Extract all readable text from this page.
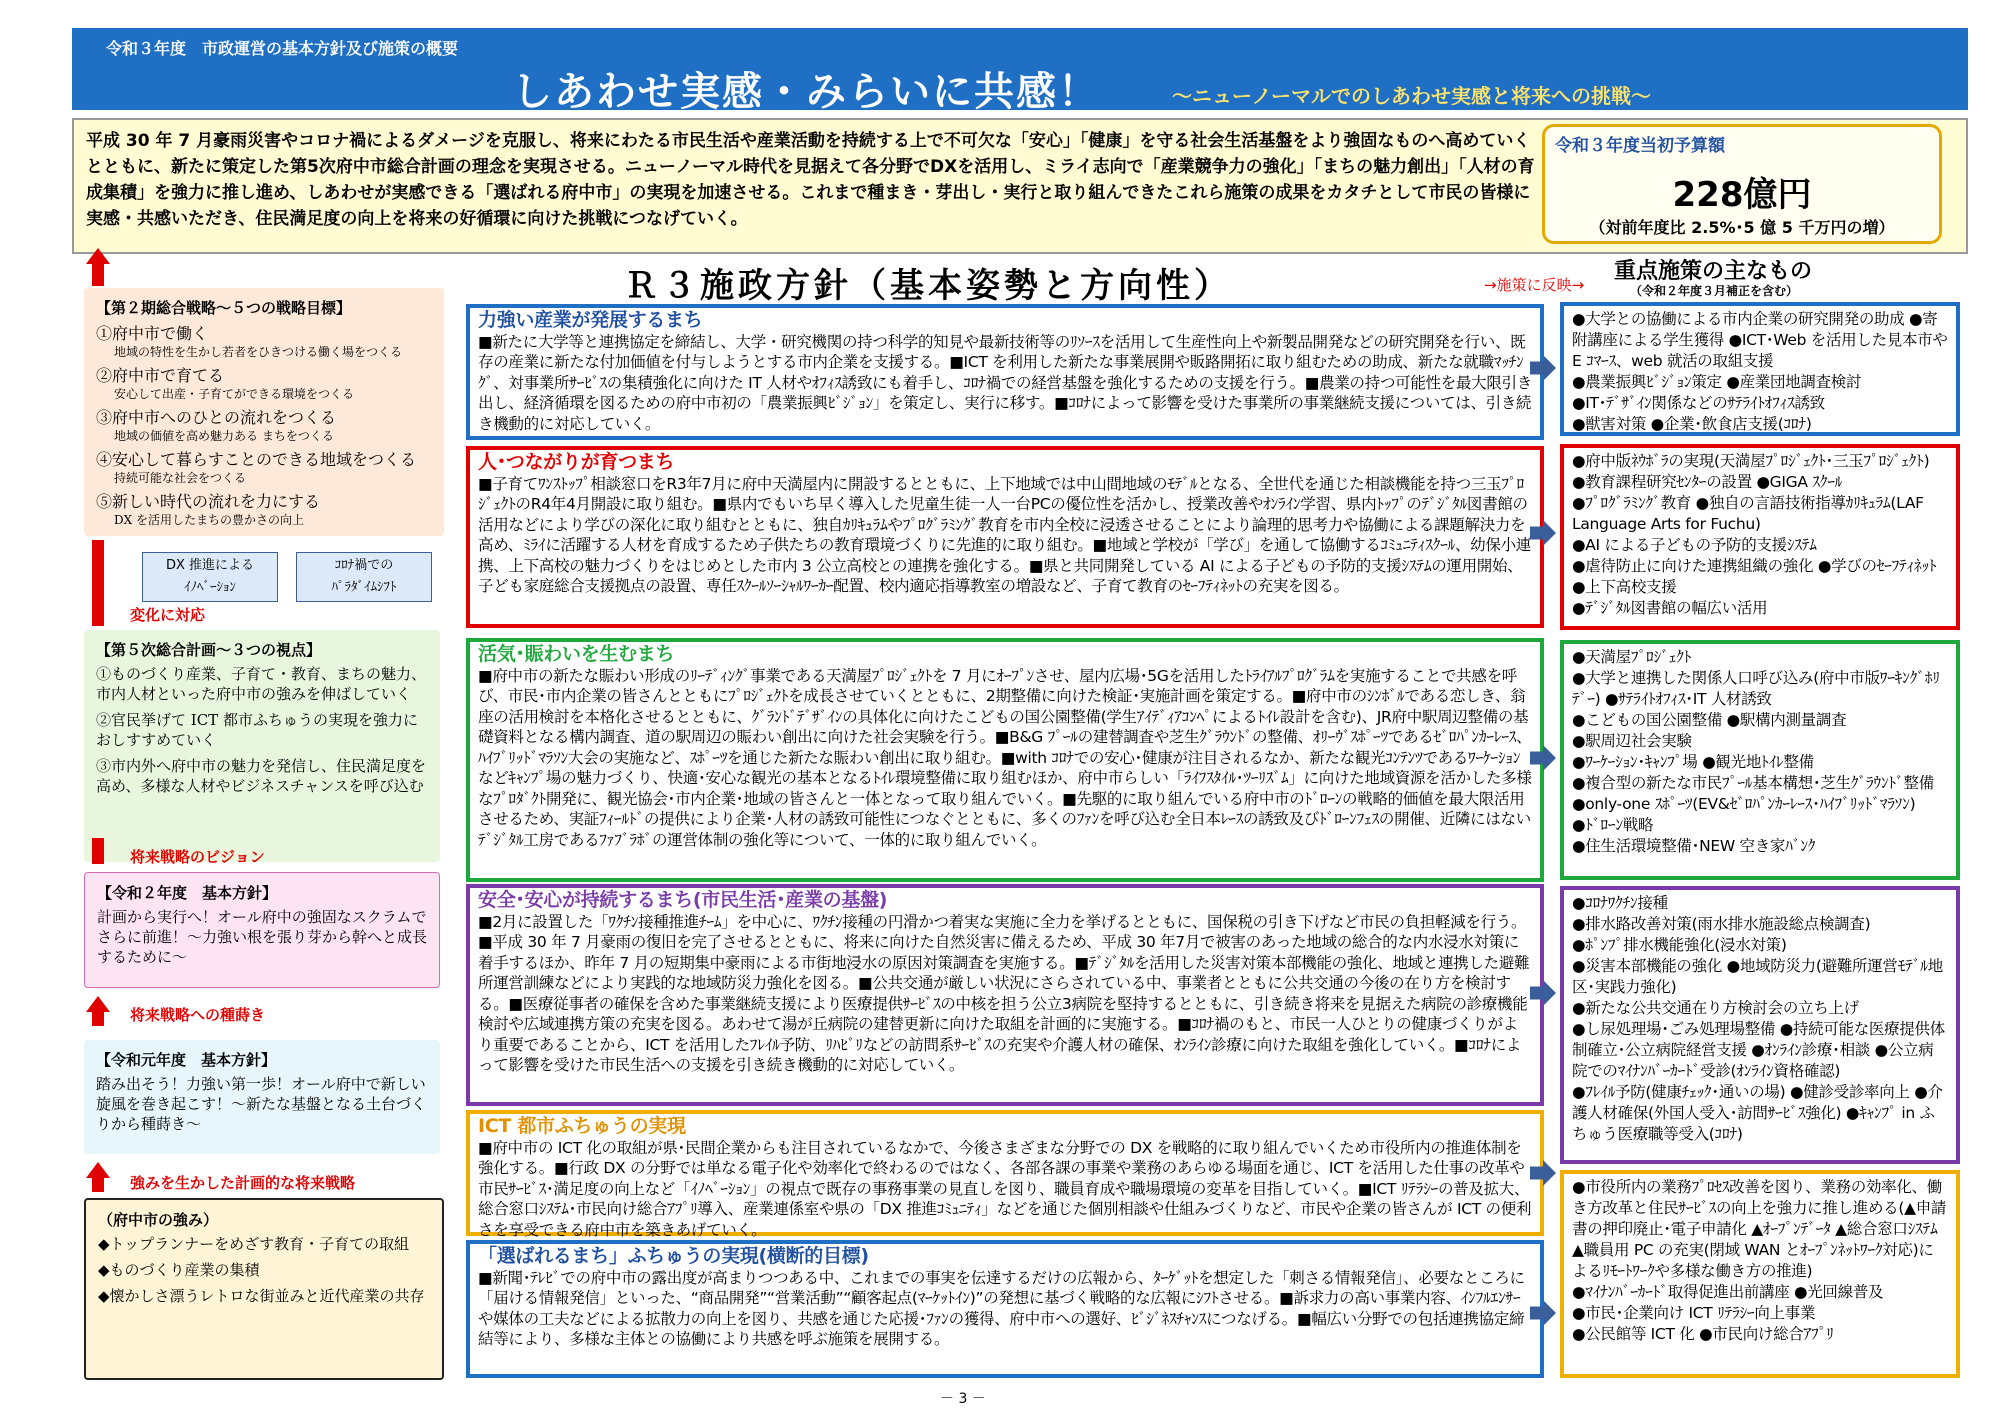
令和３年度　市政運営の基本方針及び施策の概要
しあわせ実感・みらいに共感！	～ニューノーマルでのしあわせ実感と将来への挑戦～
平成 30 年 7 月豪雨災害やコロナ禍によるダメージを克服し、将来にわたる市民生活や産業活動を持続する上で不可欠な「安心」「健康」を守る社会生活基盤をより強固なものへ高めていくとともに、新たに策定した第5次府中市総合計画の理念を実現させる。ニューノーマル時代を見据えて各分野でDXを活用し、ミライ志向で「産業競争力の強化」「まちの魅力創出」「人材の育成集積」を強力に推し進め、しあわせが実感できる「選ばれる府中市」の実現を加速させる。これまで種まき・芽出し・実行と取り組んできたこれら施策の成果をカタチとして市民の皆様に実感・共感いただき、住民満足度の向上を将来の好循環に向けた挑戦につなげていく。
令和３年度当初予算額
228億円
（対前年度比 2.5%･5 億 5 千万円の増）
Ｒ３施政方針（基本姿勢と方向性）	→施策に反映→
重点施策の主なもの
（令和２年度３月補正を含む）
【第２期総合戦略～５つの戦略目標】
①府中市で働く
地域の特性を生かし若者をひきつける働く場をつくる
②府中市で育てる
安心して出産・子育てができる環境をつくる
③府中市へのひとの流れをつくる
地域の価値を高め魅力ある まちをつくる
④安心して暮らすことのできる地域をつくる
持続可能な社会をつくる
⑤新しい時代の流れを力にする
DX を活用したまちの豊かさの向上
DX 推進による
ｲﾉﾍﾞｰｼｮﾝ
ｺﾛﾅ禍での
ﾊﾟﾗﾀﾞｲﾑｼﾌﾄ
変化に対応
【第５次総合計画～３つの視点】

①ものづくり産業、子育て・教育、まちの魅力、市内人材といった府中市の強みを伸ばしていく

②官民挙げて ICT 都市ふちゅうの実現を強力におしすすめていく

③市内外へ府中市の魅力を発信し、住民満足度を高め、多様な人材やビジネスチャンスを呼び込む

将来戦略のビジョン
【令和２年度　基本方針】
計画から実行へ！オール府中の強固なスクラムでさらに前進！～力強い根を張り芽から幹へと成長するために～
将来戦略への種蒔き
【令和元年度　基本方針】
踏み出そう！力強い第一歩！オール府中で新しい旋風を巻き起こす！～新たな基盤となる土台づくりから種蒔き～
強みを生かした計画的な将来戦略
（府中市の強み）

◆トップランナーをめざす教育・子育ての取組

◆ものづくり産業の集積

◆懐かしさ漂うレトロな街並みと近代産業の共存

力強い産業が発展するまち
■新たに大学等と連携協定を締結し、大学・研究機関の持つ科学的知見や最新技術等のﾘｿｰｽを活用して生産性向上や新製品開発などの研究開発を行い、既存の産業に新たな付加価値を付与しようとする市内企業を支援する。■ICT を利用した新たな事業展開や販路開拓に取り組むための助成、新たな就職ﾏｯﾁﾝｸﾞ、対事業所ｻｰﾋﾞｽの集積強化に向けた IT 人材やｵﾌｨｽ誘致にも着手し、ｺﾛﾅ禍での経営基盤を強化するための支援を行う。■農業の持つ可能性を最大限引き出し、経済循環を図るための府中市初の「農業振興ﾋﾞｼﾞｮﾝ」を策定し、実行に移す。■ｺﾛﾅによって影響を受けた事業所の事業継続支援については、引き続き機動的に対応していく。
人･つながりが育つまち
■子育てﾜﾝｽﾄｯﾌﾟ相談窓口をR3年7月に府中天満屋内に開設するとともに、上下地域では中山間地域のﾓﾃﾞﾙとなる、全世代を通じた相談機能を持つ三玉ﾌﾟﾛｼﾞｪｸﾄのR4年4月開設に取り組む。■県内でもいち早く導入した児童生徒一人一台PCの優位性を活かし、授業改善やｵﾝﾗｲﾝ学習、県内ﾄｯﾌﾟのﾃﾞｼﾞﾀﾙ図書館の活用などにより学びの深化に取り組むとともに、独自ｶﾘｷｭﾗﾑやﾌﾟﾛｸﾞﾗﾐﾝｸﾞ教育を市内全校に浸透させることにより論理的思考力や協働による課題解決力を高め、ﾐﾗｲに活躍する人材を育成するため子供たちの教育環境づくりに先進的に取り組む。■地域と学校が「学び」を通して協働するｺﾐｭﾆﾃｨｽｸｰﾙ、幼保小連携、上下高校の魅力づくりをはじめとした市内 3 公立高校との連携を強化する。■県と共同開発している AI による子どもの予防的支援ｼｽﾃﾑの運用開始、子ども家庭総合支援拠点の設置、専任ｽｸｰﾙｿｰｼｬﾙﾜｰｶｰ配置、校内適応指導教室の増設など、子育て教育のｾｰﾌﾃｨﾈｯﾄの充実を図る。
活気･賑わいを生むまち
■府中市の新たな賑わい形成のﾘｰﾃﾞｨﾝｸﾞ事業である天満屋ﾌﾟﾛｼﾞｪｸﾄを 7 月にｵｰﾌﾟﾝさせ、屋内広場･5Gを活用したﾄﾗｲｱﾙﾌﾟﾛｸﾞﾗﾑを実施することで共感を呼び、市民･市内企業の皆さんとともにﾌﾟﾛｼﾞｪｸﾄを成長させていくとともに、2期整備に向けた検証･実施計画を策定する。■府中市のｼﾝﾎﾞﾙである恋しき、翁座の活用検討を本格化させるとともに、ｸﾞﾗﾝﾄﾞﾃﾞｻﾞｲﾝの具体化に向けたこどもの国公園整備(学生ｱｲﾃﾞｨｱｺﾝﾍﾟによるﾄｲﾚ設計を含む)、JR府中駅周辺整備の基礎資料となる構内調査、道の駅周辺の賑わい創出に向けた社会実験を行う。■B&G ﾌﾟｰﾙの建替調査や芝生ｸﾞﾗｳﾝﾄﾞの整備、ｵﾘｰｳﾞｽﾎﾟｰﾂであるｾﾞﾛﾊﾟﾝｶｰﾚｰｽ、ﾊｲﾌﾞﾘｯﾄﾞﾏﾗｿﾝ大会の実施など、ｽﾎﾟｰﾂを通じた新たな賑わい創出に取り組む。■with ｺﾛﾅでの安心･健康が注目されるなか、新たな観光ｺﾝﾃﾝﾂであるﾜｰｹｰｼｮﾝなどｷｬﾝﾌﾟ場の魅力づくり、快適･安心な観光の基本となるﾄｲﾚ環境整備に取り組むほか、府中市らしい「ﾗｲﾌｽﾀｲﾙ･ﾂｰﾘｽﾞﾑ」に向けた地域資源を活かした多様なﾌﾟﾛﾀﾞｸﾄ開発に、観光協会･市内企業･地域の皆さんと一体となって取り組んでいく。■先駆的に取り組んでいる府中市のﾄﾞﾛｰﾝの戦略的価値を最大限活用させるため、実証ﾌｨｰﾙﾄﾞの提供により企業･人材の誘致可能性につなぐとともに、多くのﾌｧﾝを呼び込む全日本ﾚｰｽの誘致及びﾄﾞﾛｰﾝﾌｪｽの開催、近隣にはないﾃﾞｼﾞﾀﾙ工房であるﾌｧﾌﾞﾗﾎﾞの運営体制の強化等について、一体的に取り組んでいく。
安全･安心が持続するまち(市民生活･産業の基盤)
■2月に設置した「ﾜｸﾁﾝ接種推進ﾁｰﾑ」を中心に、ﾜｸﾁﾝ接種の円滑かつ着実な実施に全力を挙げるとともに、国保税の引き下げなど市民の負担軽減を行う。■平成 30 年 7 月豪雨の復旧を完了させるとともに、将来に向けた自然災害に備えるため、平成 30 年7月で被害のあった地域の総合的な内水浸水対策に着手するほか、昨年 7 月の短期集中豪雨による市街地浸水の原因対策調査を実施する。■ﾃﾞｼﾞﾀﾙを活用した災害対策本部機能の強化、地域と連携した避難所運営訓練などにより実践的な地域防災力強化を図る。■公共交通が厳しい状況にさらされている中、事業者とともに公共交通の今後の在り方を検討する。■医療従事者の確保を含めた事業継続支援により医療提供ｻｰﾋﾞｽの中核を担う公立3病院を堅持するとともに、引き続き将来を見据えた病院の診療機能検討や広域連携方策の充実を図る。あわせて湯が丘病院の建替更新に向けた取組を計画的に実施する。■ｺﾛﾅ禍のもと、市民一人ひとりの健康づくりがより重要であることから、ICT を活用したﾌﾚｲﾙ予防、ﾘﾊﾋﾞﾘなどの訪問系ｻｰﾋﾞｽの充実や介護人材の確保、ｵﾝﾗｲﾝ診療に向けた取組を強化していく。■ｺﾛﾅによって影響を受けた市民生活への支援を引き続き機動的に対応していく。
ICT 都市ふちゅうの実現
■府中市の ICT 化の取組が県･民間企業からも注目されているなかで、今後さまざまな分野での DX を戦略的に取り組んでいくため市役所内の推進体制を強化する。■行政 DX の分野では単なる電子化や効率化で終わるのではなく、各部各課の事業や業務のあらゆる場面を通じ、ICT を活用した仕事の改革や市民ｻｰﾋﾞｽ･満足度の向上など「ｲﾉﾍﾞｰｼｮﾝ」の視点で既存の事務事業の見直しを図り、職員育成や職場環境の変革を目指していく。■ICT ﾘﾃﾗｼｰの普及拡大、総合窓口ｼｽﾃﾑ･市民向け総合ｱﾌﾟﾘ導入、産業連係室や県の「DX 推進ｺﾐｭﾆﾃｨ」などを通じた個別相談や仕組みづくりなど、市民や企業の皆さんが ICT の便利さを享受できる府中市を築きあげていく。
「選ばれるまち」ふちゅうの実現(横断的目標)
■新聞･ﾃﾚﾋﾞでの府中市の露出度が高まりつつある中、これまでの事実を伝達するだけの広報から、ﾀｰｹﾞｯﾄを想定した「刺さる情報発信」、必要なところに「届ける情報発信」といった、“商品開発”“営業活動”“顧客起点(ﾏｰｹｯﾄｲﾝ)”の発想に基づく戦略的な広報にｼﾌﾄさせる。■訴求力の高い事業内容、ｲﾝﾌﾙｴﾝｻｰや媒体の工夫などによる拡散力の向上を図り、共感を通じた応援･ﾌｧﾝの獲得、府中市への選好、ﾋﾞｼﾞﾈｽﾁｬﾝｽにつなげる。■幅広い分野での包括連携協定締結等により、多様な主体との協働により共感を呼ぶ施策を展開する。
●大学との協働による市内企業の研究開発の助成 ●寄附講座による学生獲得 ●ICT･Web を活用した見本市や E ｺﾏｰｽ、web 就活の取組支援
●農業振興ﾋﾞｼﾞｮﾝ策定 ●産業団地調査検討
●IT･ﾃﾞｻﾞｲﾝ関係などのｻﾃﾗｲﾄｵﾌｨｽ誘致
●獣害対策 ●企業･飲食店支援(ｺﾛﾅ)
●府中版ﾈｳﾎﾞﾗの実現(天満屋ﾌﾟﾛｼﾞｪｸﾄ･三玉ﾌﾟﾛｼﾞｪｸﾄ)
●教育課程研究ｾﾝﾀｰの設置 ●GIGA ｽｸｰﾙ
●ﾌﾟﾛｸﾞﾗﾐﾝｸﾞ教育 ●独自の言語技術指導ｶﾘｷｭﾗﾑ(LAF Language Arts for Fuchu)
●AI による子どもの予防的支援ｼｽﾃﾑ
●虐待防止に向けた連携組織の強化 ●学びのｾｰﾌﾃｨﾈｯﾄ ●上下高校支援
●ﾃﾞｼﾞﾀﾙ図書館の幅広い活用
●天満屋ﾌﾟﾛｼﾞｪｸﾄ
●大学と連携した関係人口呼び込み(府中市版ﾜｰｷﾝｸﾞﾎﾘﾃﾞｰ) ●ｻﾃﾗｲﾄｵﾌｨｽ･IT 人材誘致
●こどもの国公園整備 ●駅構内測量調査
●駅周辺社会実験
●ﾜｰｹｰｼｮﾝ･ｷｬﾝﾌﾟ場 ●観光地ﾄｲﾚ整備
●複合型の新たな市民ﾌﾟｰﾙ基本構想･芝生ｸﾞﾗｳﾝﾄﾞ整備 ●only-one ｽﾎﾟｰﾂ(EV&ｾﾞﾛﾊﾟﾝｶｰﾚｰｽ･ﾊｲﾌﾞﾘｯﾄﾞﾏﾗｿﾝ)
●ﾄﾞﾛｰﾝ戦略
●住生活環境整備･NEW 空き家ﾊﾞﾝｸ
●ｺﾛﾅﾜｸﾁﾝ接種
●排水路改善対策(雨水排水施設総点検調査)
●ﾎﾟﾝﾌﾟ排水機能強化(浸水対策)
●災害本部機能の強化 ●地域防災力(避難所運営ﾓﾃﾞﾙ地区･実践力強化)
●新たな公共交通在り方検討会の立ち上げ
●し尿処理場･ごみ処理場整備 ●持続可能な医療提供体制確立･公立病院経営支援 ●ｵﾝﾗｲﾝ診療･相談 ●公立病院でのﾏｲﾅﾝﾊﾞｰｶｰﾄﾞ受診(ｵﾝﾗｲﾝ資格確認)
●ﾌﾚｲﾙ予防(健康ﾁｪｯｸ･通いの場) ●健診受診率向上 ●介護人材確保(外国人受入･訪問ｻｰﾋﾞｽ強化) ●ｷｬﾝﾌﾟ in ふちゅう医療職等受入(ｺﾛﾅ)
●市役所内の業務ﾌﾟﾛｾｽ改善を図り、業務の効率化、働き方改革と住民ｻｰﾋﾞｽの向上を強力に推し進める(▲申請書の押印廃止･電子申請化 ▲ｵｰﾌﾟﾝﾃﾞｰﾀ ▲総合窓口ｼｽﾃﾑ ▲職員用 PC の充実(閉域 WAN とｵｰﾌﾟﾝﾈｯﾄﾜｰｸ対応)によるﾘﾓｰﾄﾜｰｸや多様な働き方の推進)
●ﾏｲﾅﾝﾊﾞｰｶｰﾄﾞ取得促進出前講座 ●光回線普及
●市民･企業向け ICT ﾘﾃﾗｼｰ向上事業
●公民館等 ICT 化 ●市民向け総合ｱﾌﾟﾘ
－ 3 －
